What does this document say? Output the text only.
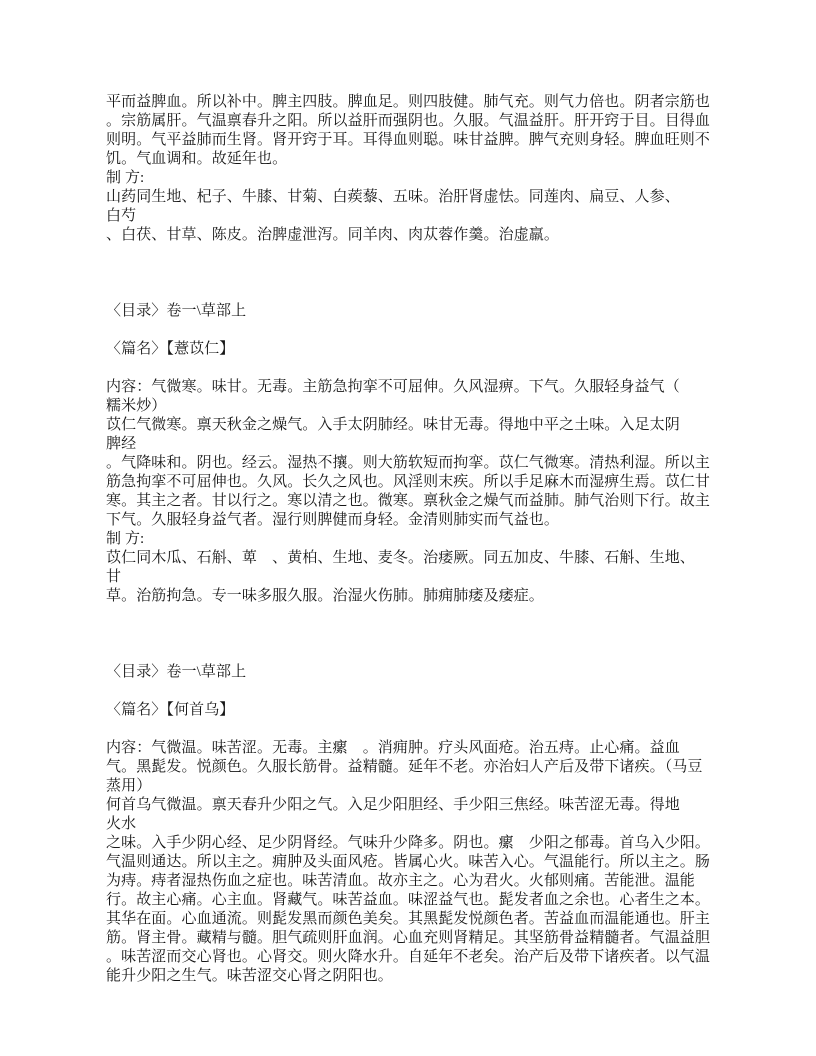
平而益脾血。所以补中。脾主四肢。脾血足。则四肢健。肺气充。则气力倍也。阴者宗筋也
。宗筋属肝。气温禀春升之阳。所以益肝而强阴也。久服。气温益肝。肝开窍于目。目得血
则明。气平益肺而生肾。肾开窍于耳。耳得血则聪。味甘益脾。脾气充则身轻。脾血旺则不
饥。气血调和。故延年也。
制 方:
山药同生地、杞子、牛膝、甘菊、白蒺藜、五味。治肝肾虚怯。同莲肉、扁豆、人参、
白芍
、白茯、甘草、陈皮。治脾虚泄泻。同羊肉、肉苁蓉作羹。治虚羸。
〈目录〉卷一\草部上
〈篇名〉【薏苡仁】
内容：气微寒。味甘。无毒。主筋急拘挛不可屈伸。久风湿痹。下气。久服轻身益气（
糯米炒）
苡仁气微寒。禀天秋金之燥气。入手太阴肺经。味甘无毒。得地中平之土味。入足太阴
脾经
。气降味和。阴也。经云。湿热不攘。则大筋软短而拘挛。苡仁气微寒。清热利湿。所以主
筋急拘挛不可屈伸也。久风。长久之风也。风淫则末疾。所以手足麻木而湿痹生焉。苡仁甘
寒。其主之者。甘以行之。寒以清之也。微寒。禀秋金之燥气而益肺。肺气治则下行。故主
下气。久服轻身益气者。湿行则脾健而身轻。金清则肺实而气益也。
制 方:
苡仁同木瓜、石斛、萆　、黄柏、生地、麦冬。治痿厥。同五加皮、牛膝、石斛、生地、
甘
草。治筋拘急。专一味多服久服。治湿火伤肺。肺痈肺痿及痿症。
〈目录〉卷一\草部上
〈篇名〉【何首乌】
内容：气微温。味苦涩。无毒。主瘰　。消痈肿。疗头风面疮。治五痔。止心痛。益血
气。黑髭发。悦颜色。久服长筋骨。益精髓。延年不老。亦治妇人产后及带下诸疾。（马豆
蒸用）
何首乌气微温。禀天春升少阳之气。入足少阳胆经、手少阳三焦经。味苦涩无毒。得地
火水
之味。入手少阴心经、足少阴肾经。气味升少降多。阴也。瘰　少阳之郁毒。首乌入少阳。
气温则通达。所以主之。痈肿及头面风疮。皆属心火。味苦入心。气温能行。所以主之。肠
为痔。痔者湿热伤血之症也。味苦清血。故亦主之。心为君火。火郁则痛。苦能泄。温能
行。故主心痛。心主血。肾藏气。味苦益血。味涩益气也。髭发者血之余也。心者生之本。
其华在面。心血通流。则髭发黑而颜色美矣。其黑髭发悦颜色者。苦益血而温能通也。肝主
筋。肾主骨。藏精与髓。胆气疏则肝血润。心血充则肾精足。其坚筋骨益精髓者。气温益胆
。味苦涩而交心肾也。心肾交。则火降水升。自延年不老矣。治产后及带下诸疾者。以气温
能升少阳之生气。味苦涩交心肾之阴阳也。
